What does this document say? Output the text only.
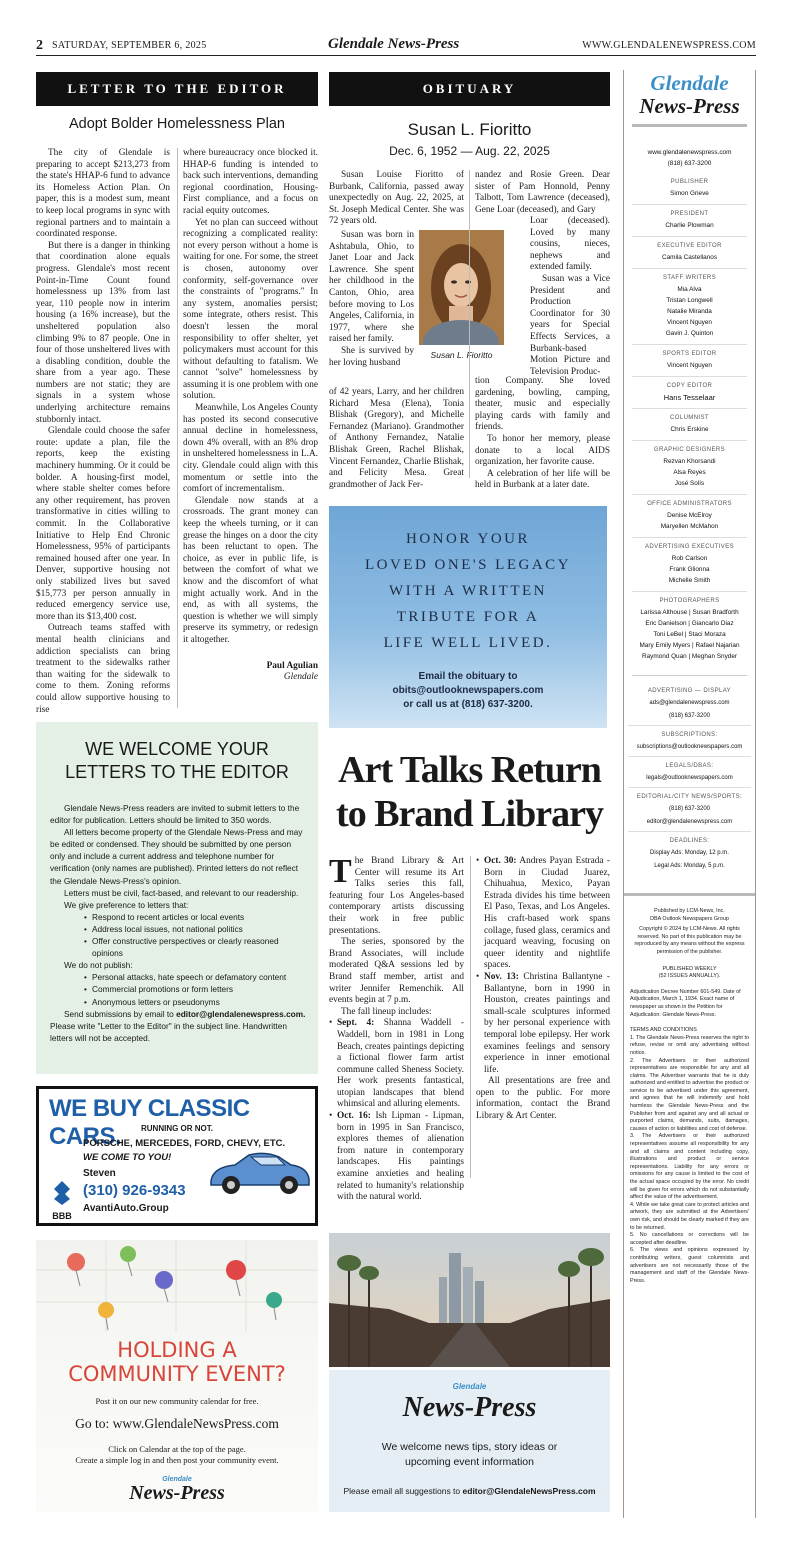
2 SATURDAY, SEPTEMBER 6, 2025	Glendale News-Press	WWW.GLENDALENEWSPRESS.COM
LETTER TO THE EDITOR
Adopt Bolder Homelessness Plan

The city of Glendale is preparing to accept $213,273 from the state's HHAP-6 fund to advance its Homeless Action Plan. On paper, this is a modest sum, meant to keep local programs in sync with regional partners and to maintain a coordinated response.

But there is a danger in thinking that coordination alone equals progress. Glendale's most recent Point-in-Time Count found homelessness up 13% from last year, 110 people now in interim housing (a 16% increase), but the unsheltered population also climbing 9% to 87 people. One in four of those unsheltered lives with a disabling condition, double the share from a year ago. These numbers are not static; they are signals in a system whose underlying architecture remains stubbornly intact.

Glendale could choose the safer route: update a plan, file the reports, keep the existing machinery humming. Or it could be bolder. A housing-first model, where stable shelter comes before any other requirement, has proven transformative in cities willing to commit. In the Collaborative Initiative to Help End Chronic Homelessness, 95% of participants remained housed after one year. In Denver, supportive housing not only stabilized lives but saved $15,773 per person annually in reduced emergency service use, more than its $13,400 cost.

Outreach teams staffed with mental health clinicians and addiction specialists can bring treatment to the sidewalks rather than waiting for the sidewalk to come to them. Zoning reforms could allow supportive housing to rise

where bureaucracy once blocked it. HHAP-6 funding is intended to back such interventions, demanding regional coordination, Housing-First compliance, and a focus on racial equity outcomes.

Yet no plan can succeed without recognizing a complicated reality: not every person without a home is waiting for one. For some, the street is chosen, autonomy over conformity, self-governance over the constraints of "programs." In any system, anomalies persist; some integrate, others resist. This doesn't lessen the moral responsibility to offer shelter, yet policymakers must account for this without defaulting to fatalism. We cannot "solve" homelessness by assuming it is one problem with one solution.

Meanwhile, Los Angeles County has posted its second consecutive annual decline in homelessness, down 4% overall, with an 8% drop in unsheltered homelessness in L.A. city. Glendale could align with this momentum or settle into the comfort of incrementalism.

Glendale now stands at a crossroads. The grant money can keep the wheels turning, or it can grease the hinges on a door the city has been reluctant to open. The choice, as ever in public life, is between the comfort of what we know and the discomfort of what might actually work. And in the end, as with all systems, the question is whether we will simply preserve its symmetry, or redesign it altogether.

Paul Agulian
Glendale
OBITUARY
Susan L. Fioritto
Dec. 6, 1952 — Aug. 22, 2025

Susan Louise Fioritto of Burbank, California, passed away unexpectedly on Aug. 22, 2025, at St. Joseph Medical Center. She was 72 years old.

Susan was born in Ashtabula, Ohio, to Janet Loar and Jack Lawrence. She spent her childhood in the Canton, Ohio, area before moving to Los Angeles, California, in 1977, where she raised her family.

She is survived by her loving husband

of 42 years, Larry, and her children Richard Mesa (Elena), Tonia Blishak (Gregory), and Michelle Fernandez (Mariano). Grandmother of Anthony Fernandez, Natalie Blishak Green, Rachel Blishak, Vincent Fernandez, Charlie Blishak, and Felicity Mesa. Great grandmother of Jack Fer-

Susan L. Fioritto

nandez and Rosie Green. Dear sister of Pam Honnold, Penny Talbott, Tom Lawrence (deceased), Gene Loar (deceased), and Gary

Loar (deceased). Loved by many cousins, nieces, nephews and extended family.

Susan was a Vice President and Production Coordinator for 30 years for Special Effects Services, a Burbank-based Motion Picture and Television Produc-

tion Company. She loved gardening, bowling, camping, theater, music and especially playing cards with family and friends.

To honor her memory, please donate to a local AIDS organization, her favorite cause.

A celebration of her life will be held in Burbank at a later date.

HONOR YOUR
LOVED ONE'S LEGACY
WITH A WRITTEN
TRIBUTE FOR A
LIFE WELL LIVED.
Email the obituary to
obits@outlooknewspapers.com
or call us at (818) 637-3200.
WE WELCOME YOUR
LETTERS TO THE EDITOR

Glendale News-Press readers are invited to submit letters to the editor for publication. Letters should be limited to 350 words.

All letters become property of the Glendale News-Press and may be edited or condensed. They should be submitted by one person only and include a current address and telephone number for verification (only names are published). Printed letters do not reflect the Glendale News-Press's opinion.

Letters must be civil, fact-based, and relevant to our readership.

We give preference to letters that:

• Respond to recent articles or local events
• Address local issues, not national politics
• Offer constructive perspectives or clearly reasoned opinions

We do not publish:

• Personal attacks, hate speech or defamatory content
• Commercial promotions or form letters
• Anonymous letters or pseudonyms

Send submissions by email to editor@glendalenewspress.com.

Please write "Letter to the Editor" in the subject line. Handwritten letters will not be accepted.

WE BUY CLASSIC CARS.	RUNNING OR NOT.
PORSCHE, MERCEDES, FORD, CHEVY, ETC.
WE COME TO YOU!
Steven
(310) 926-9343
AvantiAuto.Group
BBB
HOLDING A
COMMUNITY EVENT?
Post it on our new community calendar for free.
Go to: www.GlendaleNewsPress.com
Click on Calendar at the top of the page.
Create a simple log in and then post your community event.
Glendale
News-Press
Art Talks Return
to Brand Library

The Brand Library & Art Center will resume its Art Talks series this fall, featuring four Los Angeles-based contemporary artists discussing their work in free public presentations.

The series, sponsored by the Brand Associates, will include moderated Q&A sessions led by Brand staff member, artist and writer Jennifer Remenchik. All events begin at 7 p.m.

The fall lineup includes:

• Sept. 4: Shanna Waddell - Waddell, born in 1981 in Long Beach, creates paintings depicting a fictional flower farm artist commune called Sheness Society. Her work presents fantastical, utopian landscapes that blend whimsical and alluring elements.
• Oct. 16: Ish Lipman - Lipman, born in 1995 in San Francisco, explores themes of alienation from nature in contemporary landscapes. His paintings examine anxieties and healing related to humanity's relationship with the natural world.
• Oct. 30: Andres Payan Estrada - Born in Ciudad Juarez, Chihuahua, Mexico, Payan Estrada divides his time between El Paso, Texas, and Los Angeles. His craft-based work spans collage, fused glass, ceramics and jacquard weaving, focusing on queer identity and nightlife spaces.
• Nov. 13: Christina Ballantyne - Ballantyne, born in 1990 in Houston, creates paintings and small-scale sculptures informed by her personal experience with temporal lobe epilepsy. Her work examines feelings and sensory experience in inner emotional life.

All presentations are free and open to the public. For more information, contact the Brand Library & Art Center.

Glendale
News-Press
We welcome news tips, story ideas or
upcoming event information
Please email all suggestions to editor@GlendaleNewsPress.com
Glendale
News-Press
www.glendalenewspress.com
(818) 637-3200
PUBLISHER
Simon Grieve
PRESIDENT
Charlie Plowman
EXECUTIVE EDITOR
Camila Castellanos
STAFF WRITERS
Mia Alva
Tristan Longwell
Natalie Miranda
Vincent Nguyen
Gavin J. Quinton
SPORTS EDITOR
Vincent Nguyen
COPY EDITOR
Hans Tesselaar
COLUMNIST
Chris Erskine
GRAPHIC DESIGNERS
Rezvan Khorsandi
Alsa Reyes
José Solís
OFFICE ADMINISTRATORS
Denise McElroy
Maryellen McMahon
ADVERTISING EXECUTIVES
Rob Carlson
Frank Glionna
Michelle Smith
PHOTOGRAPHERS
Larissa Althouse | Susan Bradforth
Eric Danielson | Giancarlo Diaz
Toni LeBel | Staci Moraza
Mary Emily Myers | Rafael Najarian
Raymond Quan | Meghan Snyder
ADVERTISING — DISPLAY
ads@glendalenewspress.com
(818) 637-3200
SUBSCRIPTIONS:
subscriptions@outlooknewspapers.com
LEGALS/DBAS:
legals@outlooknewspapers.com
EDITORIAL/CITY NEWS/SPORTS:
(818) 637-3200
editor@glendalenewspress.com
DEADLINES:
Display Ads: Monday, 12 p.m.
Legal Ads: Monday, 5 p.m.
Published by LCM-News, Inc.
DBA Outlook Newspapers Group
Copyright © 2024 by LCM-News. All rights reserved. No part of this publication may be reproduced by any means without the express permission of the publisher.
PUBLISHED WEEKLY
(52 ISSUES ANNUALLY).
Adjudication Decree Number 601-549. Date of Adjudication, March 1, 1934. Exact name of newspaper as shown in the Petition for Adjudication: Glendale News-Press.
TERMS AND CONDITIONS
1. The Glendale News-Press reserves the right to refuse, revise or omit any advertising without notice.
2. The Advertisers or their authorized representatives are responsible for any and all claims. The Advertiser warrants that he is duly authorized and entitled to advertise the product or service to be advertised under this agreement, and agrees that he will indemnify and hold harmless the Glendale News-Press and the Publisher from and against any and all actual or purported claims, demands, suits, damages, causes of action or liabilities and cost of defense.
3. The Advertisers or their authorized representatives assume all responsibility for any and all claims and content including copy, illustrations and product or service representations. Liability for any errors or omissions for any cause is limited to the cost of the actual space occupied by the error. No credit will be given for errors which do not substantially affect the value of the advertisement.
4. While we take great care to protect articles and artwork, they are submitted at the Advertisers' own risk, and should be clearly marked if they are to be returned.
5. No cancellations or corrections will be accepted after deadline.
6. The views and opinions expressed by contributing writers, guest columnists and advertisers are not necessarily those of the management and staff of the Glendale News-Press.
